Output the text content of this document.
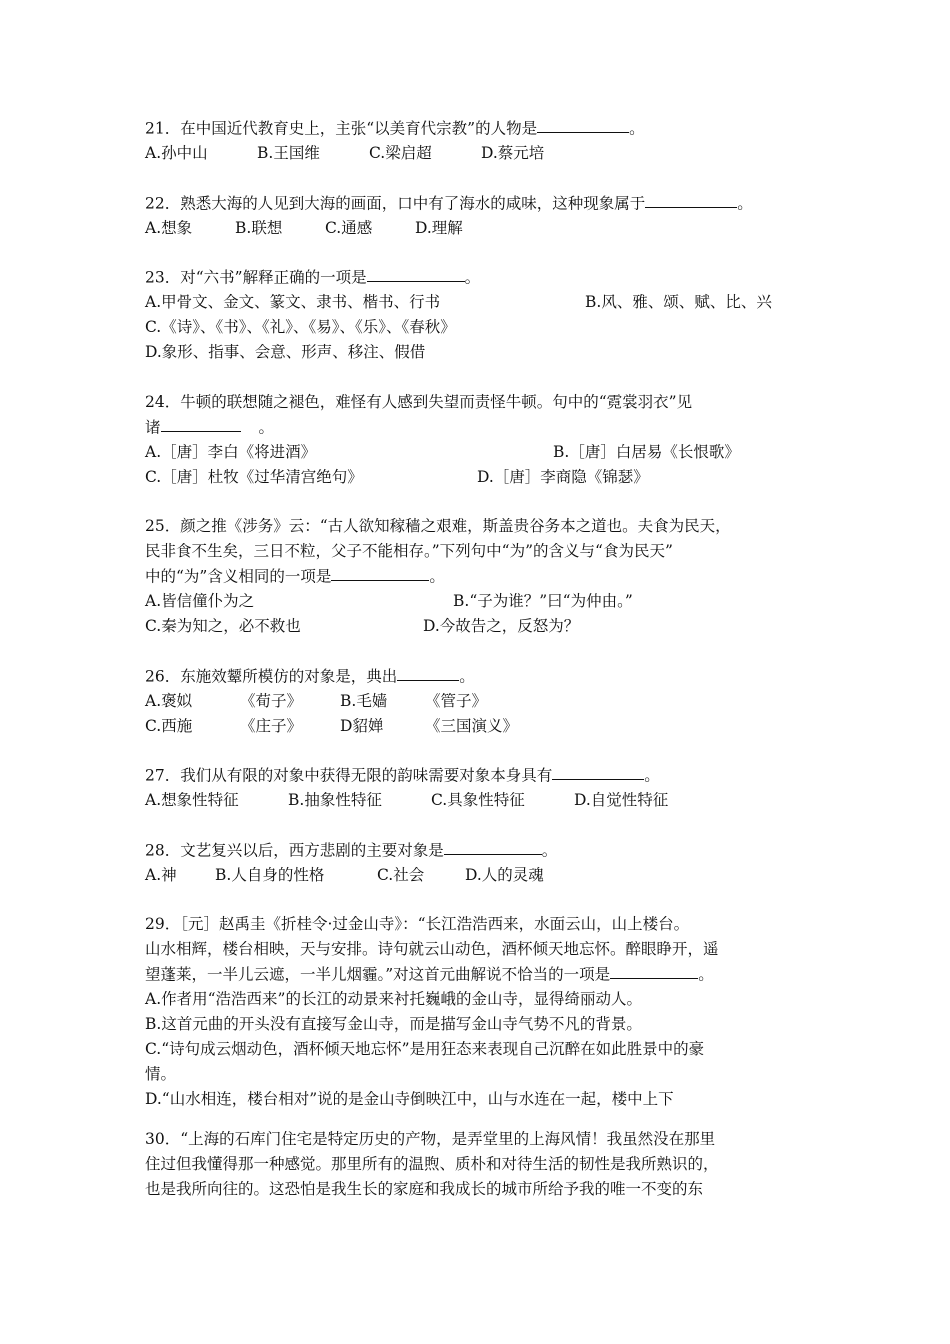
21．在中国近代教育史上，主张“以美育代宗教”的人物是	。
A.孙中山	B.王国维	C.梁启超	D.蔡元培
22．熟悉大海的人见到大海的画面，口中有了海水的咸味，这种现象属于	。
A.想象	B.联想	C.通感	D.理解
23．对“六书”解释正确的一项是	。
A.甲骨文、金文、篆文、隶书、楷书、行书	B.风、雅、颂、赋、比、兴
C.《诗》、《书》、《礼》、《易》、《乐》、《春秋》
D.象形、指事、会意、形声、移注、假借
24．牛顿的联想随之褪色，难怪有人感到失望而责怪牛顿。句中的“霓裳羽衣”见
诸	。
A.［唐］李白《将进酒》	B.［唐］白居易《长恨歌》
C.［唐］杜牧《过华清宫绝句》	D.［唐］李商隐《锦瑟》
25．颜之推《涉务》云：“古人欲知稼穑之艰难，斯盖贵谷务本之道也。夫食为民天，
民非食不生矣，三日不粒，父子不能相存。”下列句中“为”的含义与“食为民天”
中的“为”含义相同的一项是	。
A.皆信僮仆为之	B.“子为谁？”曰“为仲由。”
C.秦为知之，必不救也	D.今故告之，反怒为？
26．东施效颦所模仿的对象是，典出	。
A.褒姒	《荀子》 B.毛嫱 《管子》
C.西施	《庄子》 D貂婵	《三国演义》
27．我们从有限的对象中获得无限的韵味需要对象本身具有	。
A.想象性特征	B.抽象性特征	C.具象性特征	D.自觉性特征
28．文艺复兴以后，西方悲剧的主要对象是	。
A.神 B.人自身的性格	C.社会	D.人的灵魂
29．［元］赵禹圭《折桂令·过金山寺》：“长江浩浩西来，水面云山，山上楼台。
山水相辉，楼台相映，天与安排。诗句就云山动色，酒杯倾天地忘怀。醉眼睁开，遥
望蓬莱，一半儿云遮，一半儿烟霾。”对这首元曲解说不恰当的一项是	。
A.作者用“浩浩西来”的长江的动景来衬托巍峨的金山寺，显得绮丽动人。
B.这首元曲的开头没有直接写金山寺，而是描写金山寺气势不凡的背景。
C.“诗句成云烟动色，酒杯倾天地忘怀”是用狂态来表现自己沉醉在如此胜景中的豪
情。
D.“山水相连，楼台相对”说的是金山寺倒映江中，山与水连在一起，楼中上下
30．“上海的石库门住宅是特定历史的产物，是弄堂里的上海风情！我虽然没在那里
住过但我懂得那一种感觉。那里所有的温煦、质朴和对待生活的韧性是我所熟识的，
也是我所向往的。这恐怕是我生长的家庭和我成长的城市所给予我的唯一不变的东
